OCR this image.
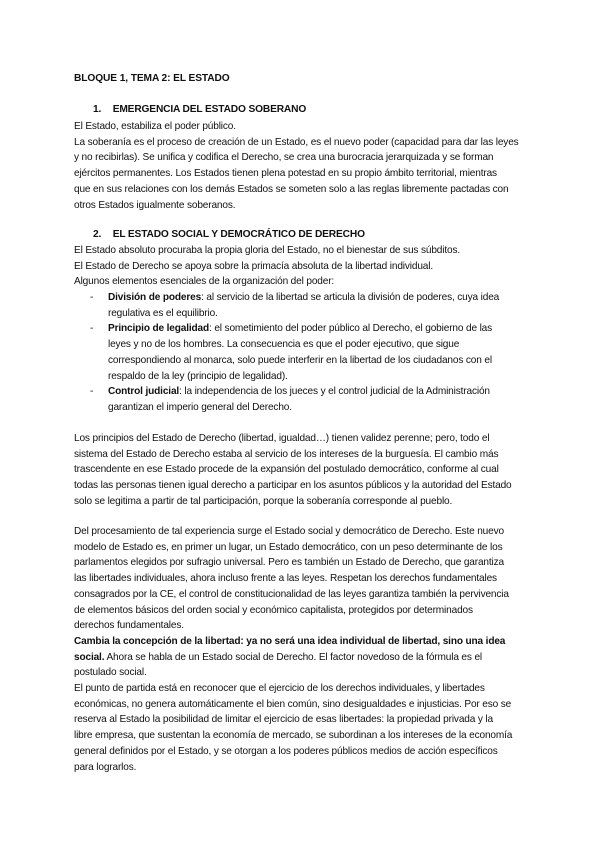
BLOQUE 1, TEMA 2: EL ESTADO
1. EMERGENCIA DEL ESTADO SOBERANO

El Estado, estabiliza el poder público.
La soberanía es el proceso de creación de un Estado, es el nuevo poder (capacidad para dar las leyes
y no recibirlas). Se unifica y codifica el Derecho, se crea una burocracia jerarquizada y se forman
ejércitos permanentes. Los Estados tienen plena potestad en su propio ámbito territorial, mientras
que en sus relaciones con los demás Estados se someten solo a las reglas libremente pactadas con
otros Estados igualmente soberanos.

2. EL ESTADO SOCIAL Y DEMOCRÁTICO DE DERECHO

El Estado absoluto procuraba la propia gloria del Estado, no el bienestar de sus súbditos.
El Estado de Derecho se apoya sobre la primacía absoluta de la libertad individual.
Algunos elementos esenciales de la organización del poder:

- División de poderes: al servicio de la libertad se articula la división de poderes, cuya idea
regulativa es el equilibrio.
- Principio de legalidad: el sometimiento del poder público al Derecho, el gobierno de las
leyes y no de los hombres. La consecuencia es que el poder ejecutivo, que sigue
correspondiendo al monarca, solo puede interferir en la libertad de los ciudadanos con el
respaldo de la ley (principio de legalidad).
- Control judicial: la independencia de los jueces y el control judicial de la Administración
garantizan el imperio general del Derecho.

Los principios del Estado de Derecho (libertad, igualdad…) tienen validez perenne; pero, todo el
sistema del Estado de Derecho estaba al servicio de los intereses de la burguesía. El cambio más
trascendente en ese Estado procede de la expansión del postulado democrático, conforme al cual
todas las personas tienen igual derecho a participar en los asuntos públicos y la autoridad del Estado
solo se legitima a partir de tal participación, porque la soberanía corresponde al pueblo.

Del procesamiento de tal experiencia surge el Estado social y democrático de Derecho. Este nuevo
modelo de Estado es, en primer un lugar, un Estado democrático, con un peso determinante de los
parlamentos elegidos por sufragio universal. Pero es también un Estado de Derecho, que garantiza
las libertades individuales, ahora incluso frente a las leyes. Respetan los derechos fundamentales
consagrados por la CE, el control de constitucionalidad de las leyes garantiza también la pervivencia
de elementos básicos del orden social y económico capitalista, protegidos por determinados
derechos fundamentales.

Cambia la concepción de la libertad: ya no será una idea individual de libertad, sino una idea
social. Ahora se habla de un Estado social de Derecho. El factor novedoso de la fórmula es el
postulado social.

El punto de partida está en reconocer que el ejercicio de los derechos individuales, y libertades
económicas, no genera automáticamente el bien común, sino desigualdades e injusticias. Por eso se
reserva al Estado la posibilidad de limitar el ejercicio de esas libertades: la propiedad privada y la
libre empresa, que sustentan la economía de mercado, se subordinan a los intereses de la economía
general definidos por el Estado, y se otorgan a los poderes públicos medios de acción específicos
para lograrlos.
